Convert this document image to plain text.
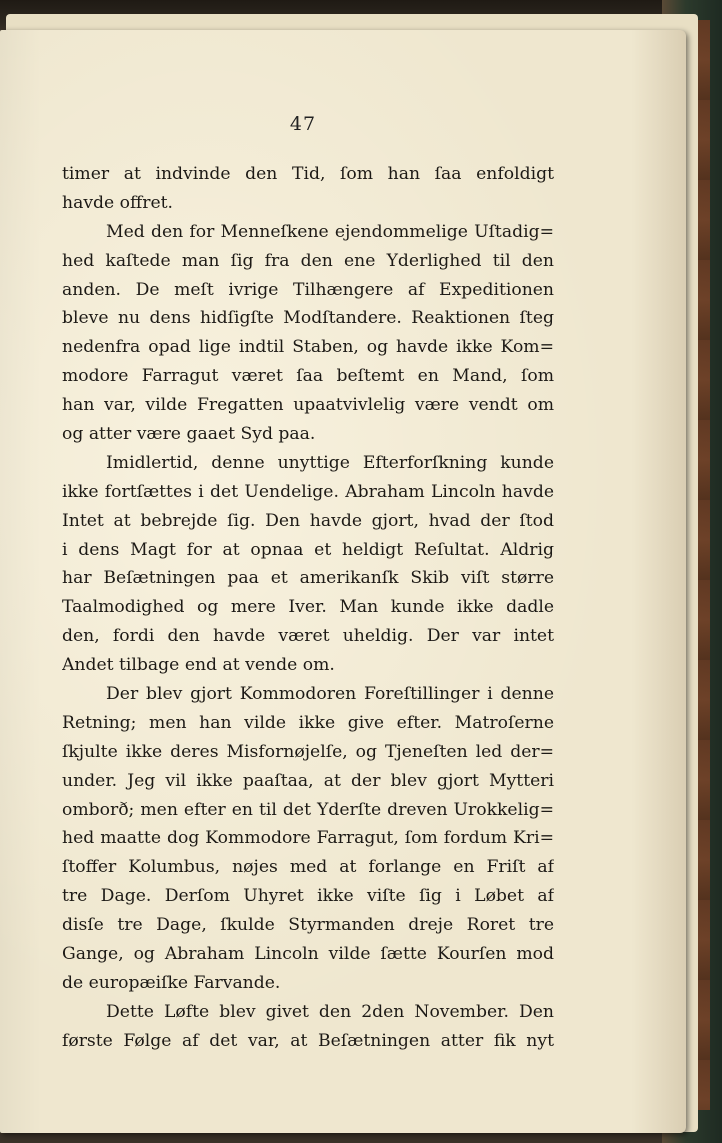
47
timer at indvinde den Tid, ſom han ſaa enfoldigt
havde offret.
Med den for Menneſkene ejendommelige Uſtadig=
hed kaſtede man ſig fra den ene Yderlighed til den
anden. De meſt ivrige Tilhængere af Expeditionen
bleve nu dens hidſigſte Modſtandere. Reaktionen ſteg
nedenfra opad lige indtil Staben, og havde ikke Kom=
modore Farragut været ſaa beſtemt en Mand, ſom
han var, vilde Fregatten upaatvivlelig være vendt om
og atter være gaaet Syd paa.
Imidlertid, denne unyttige Efterforſkning kunde
ikke fortſættes i det Uendelige. Abraham Lincoln havde
Intet at bebrejde ſig. Den havde gjort, hvad der ſtod
i dens Magt for at opnaa et heldigt Reſultat. Aldrig
har Beſætningen paa et amerikanſk Skib viſt større
Taalmodighed og mere Iver. Man kunde ikke dadle
den, fordi den havde været uheldig. Der var intet
Andet tilbage end at vende om.
Der blev gjort Kommodoren Foreſtillinger i denne
Retning; men han vilde ikke give efter. Matroſerne
ſkjulte ikke deres Misfornøjelſe, og Tjeneſten led der=
under. Jeg vil ikke paaſtaa, at der blev gjort Mytteri
omborð; men efter en til det Yderſte dreven Urokkelig=
hed maatte dog Kommodore Farragut, ſom fordum Kri=
ſtoffer Kolumbus, nøjes med at forlange en Friſt af
tre Dage. Derſom Uhyret ikke viſte ſig i Løbet af
disſe tre Dage, ſkulde Styrmanden dreje Roret tre
Gange, og Abraham Lincoln vilde ſætte Kourſen mod
de europæiſke Farvande.
Dette Løfte blev givet den 2den November. Den
første Følge af det var, at Beſætningen atter fik nyt
